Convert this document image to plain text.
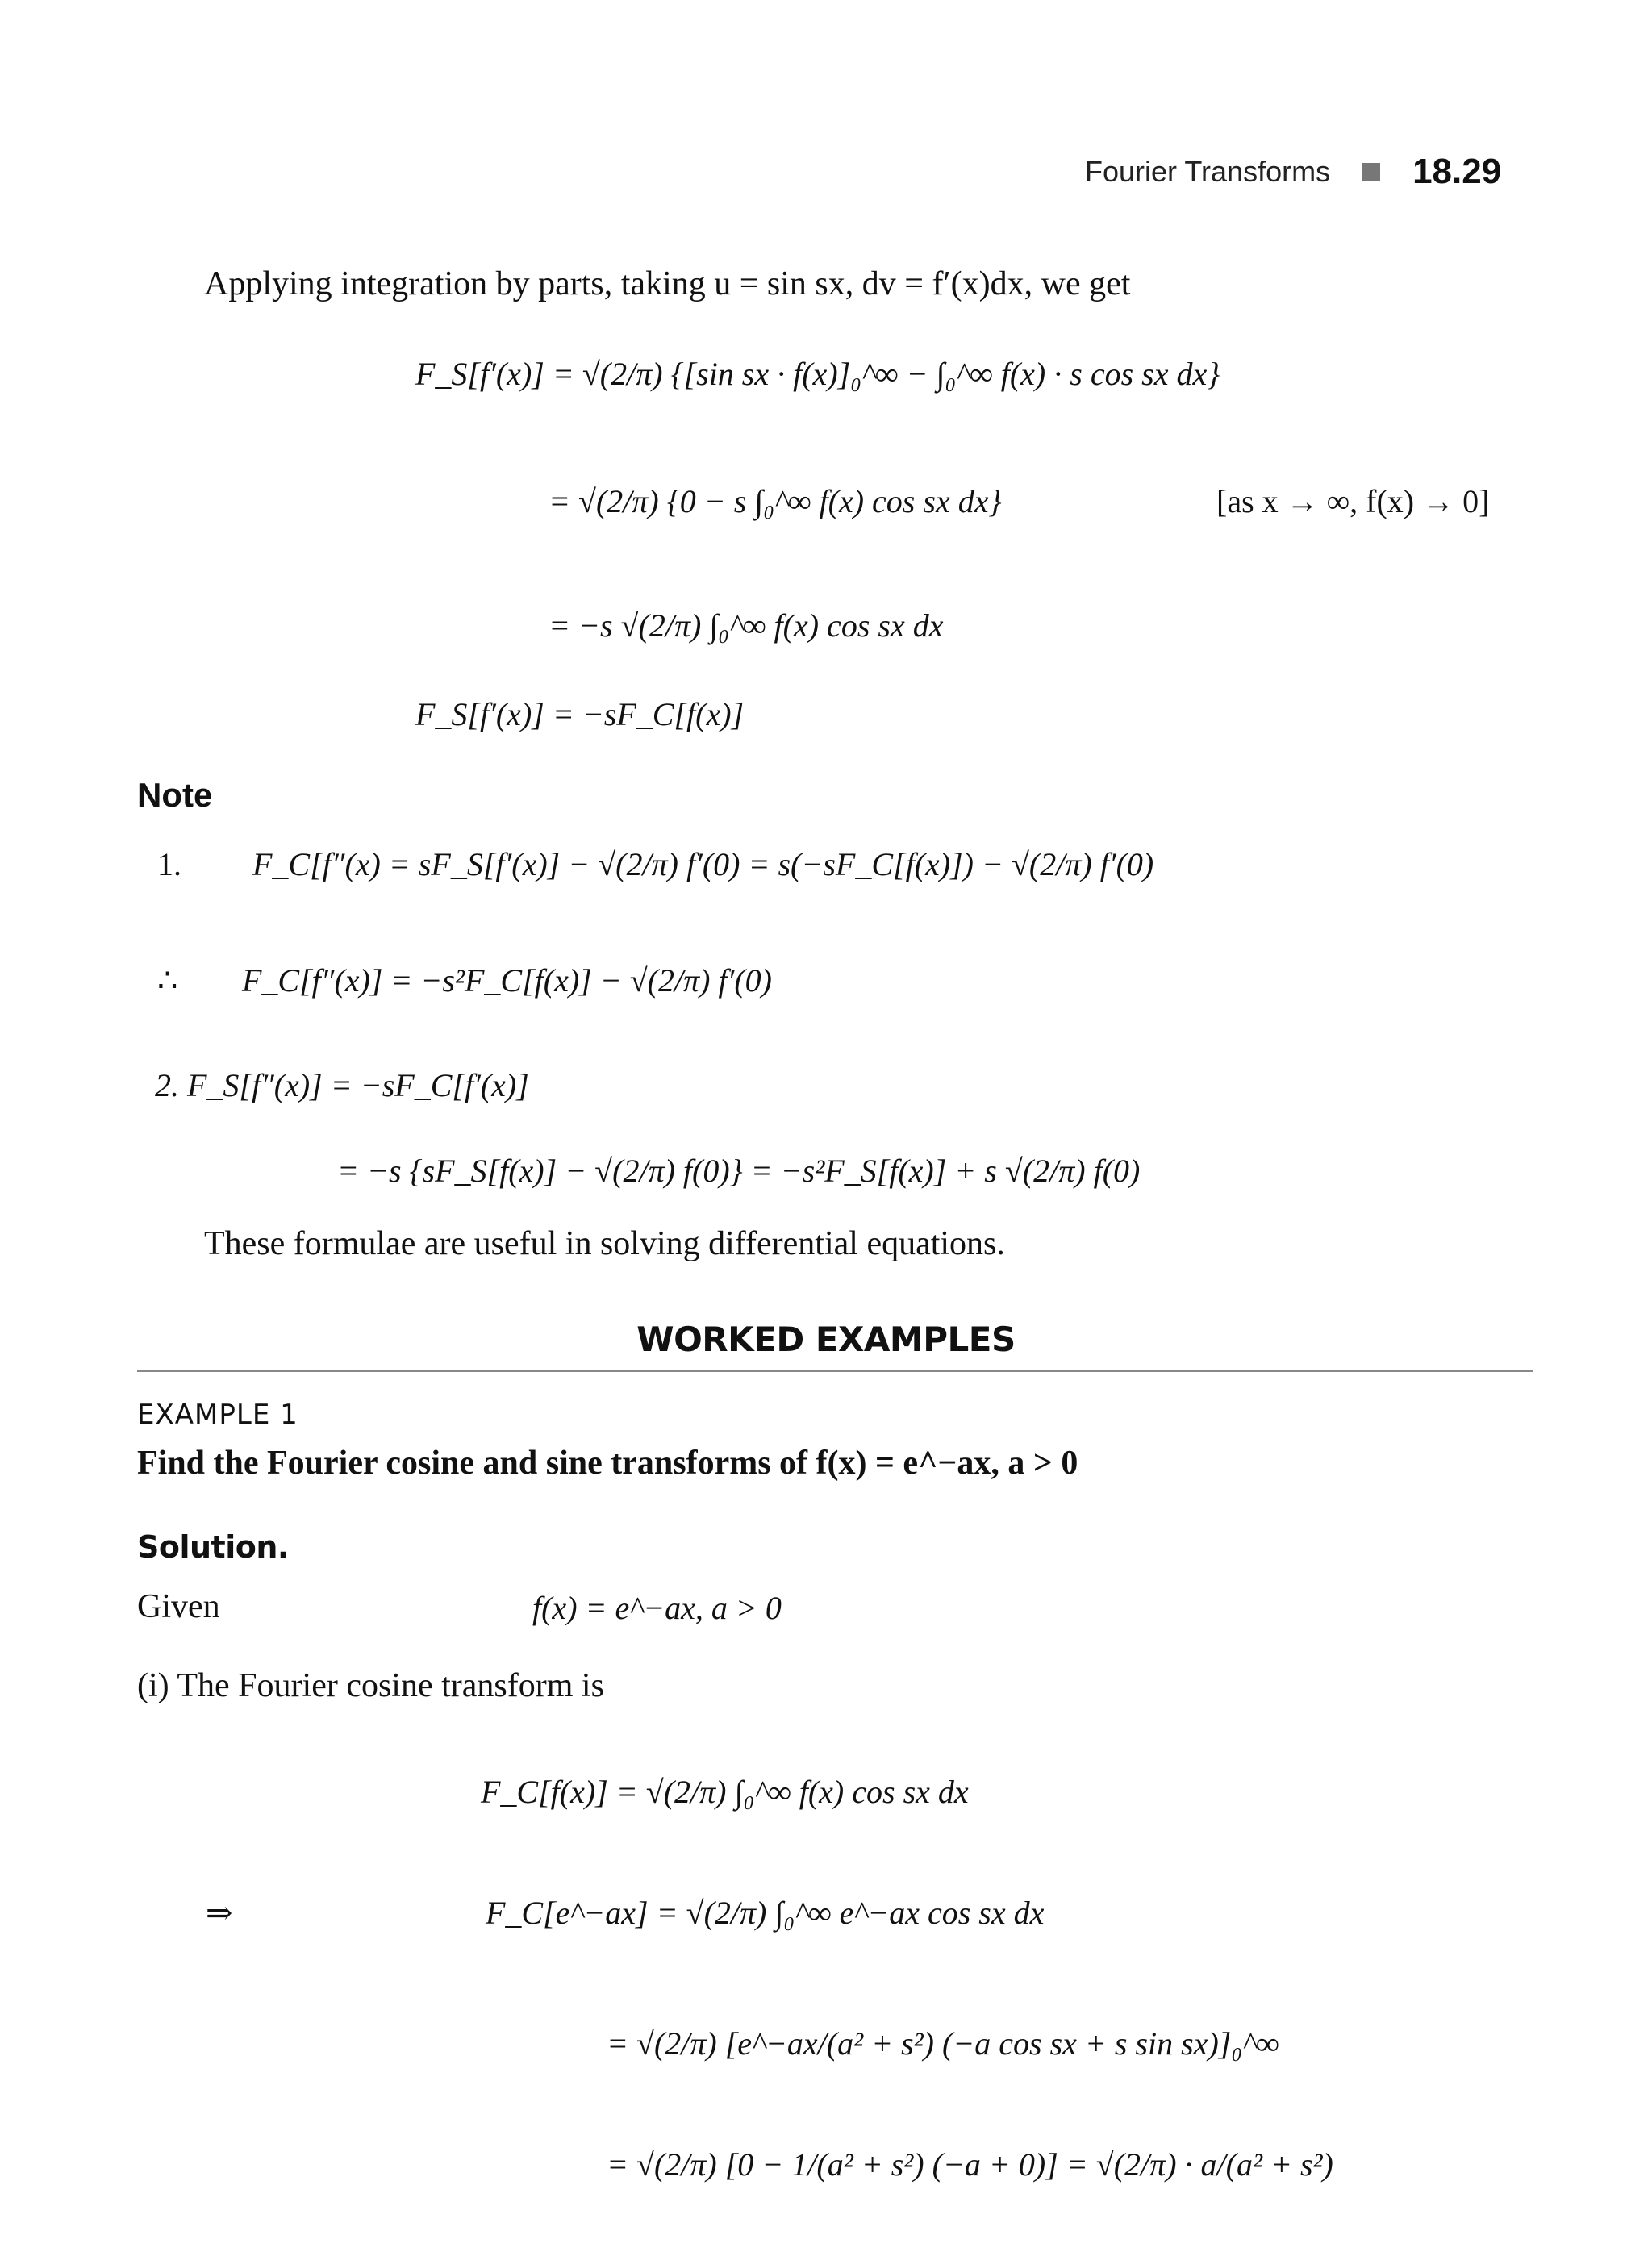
Fourier Transforms 18.29
Applying integration by parts, taking u = sin sx, dv = f′(x)dx, we get
F_S[f′(x)] = √(2/π) {[sin sx · f(x)]₀^∞ − ∫₀^∞ f(x) · s cos sx dx}
= √(2/π) {0 − s ∫₀^∞ f(x) cos sx dx}	[as x → ∞, f(x) → 0]
= −s √(2/π) ∫₀^∞ f(x) cos sx dx
F_S[f′(x)] = −sF_C[f(x)]
Note
1. F_C[f″(x) = sF_S[f′(x)] − √(2/π) f′(0) = s(−sF_C[f(x)]) − √(2/π) f′(0)
∴ F_C[f″(x)] = −s²F_C[f(x)] − √(2/π) f′(0)
2. F_S[f″(x)] = −sF_C[f′(x)]
= −s {sF_S[f(x)] − √(2/π) f(0)} = −s²F_S[f(x)] + s √(2/π) f(0)
These formulae are useful in solving differential equations.
WORKED EXAMPLES
EXAMPLE 1
Find the Fourier cosine and sine transforms of f(x) = e^−ax, a > 0
Solution.
Given	f(x) = e^−ax, a > 0
(i) The Fourier cosine transform is
F_C[f(x)] = √(2/π) ∫₀^∞ f(x) cos sx dx
⇒	F_C[e^−ax] = √(2/π) ∫₀^∞ e^−ax cos sx dx
= √(2/π) [e^−ax/(a² + s²) (−a cos sx + s sin sx)]₀^∞
= √(2/π) [0 − 1/(a² + s²) (−a + 0)] = √(2/π) · a/(a² + s²)
